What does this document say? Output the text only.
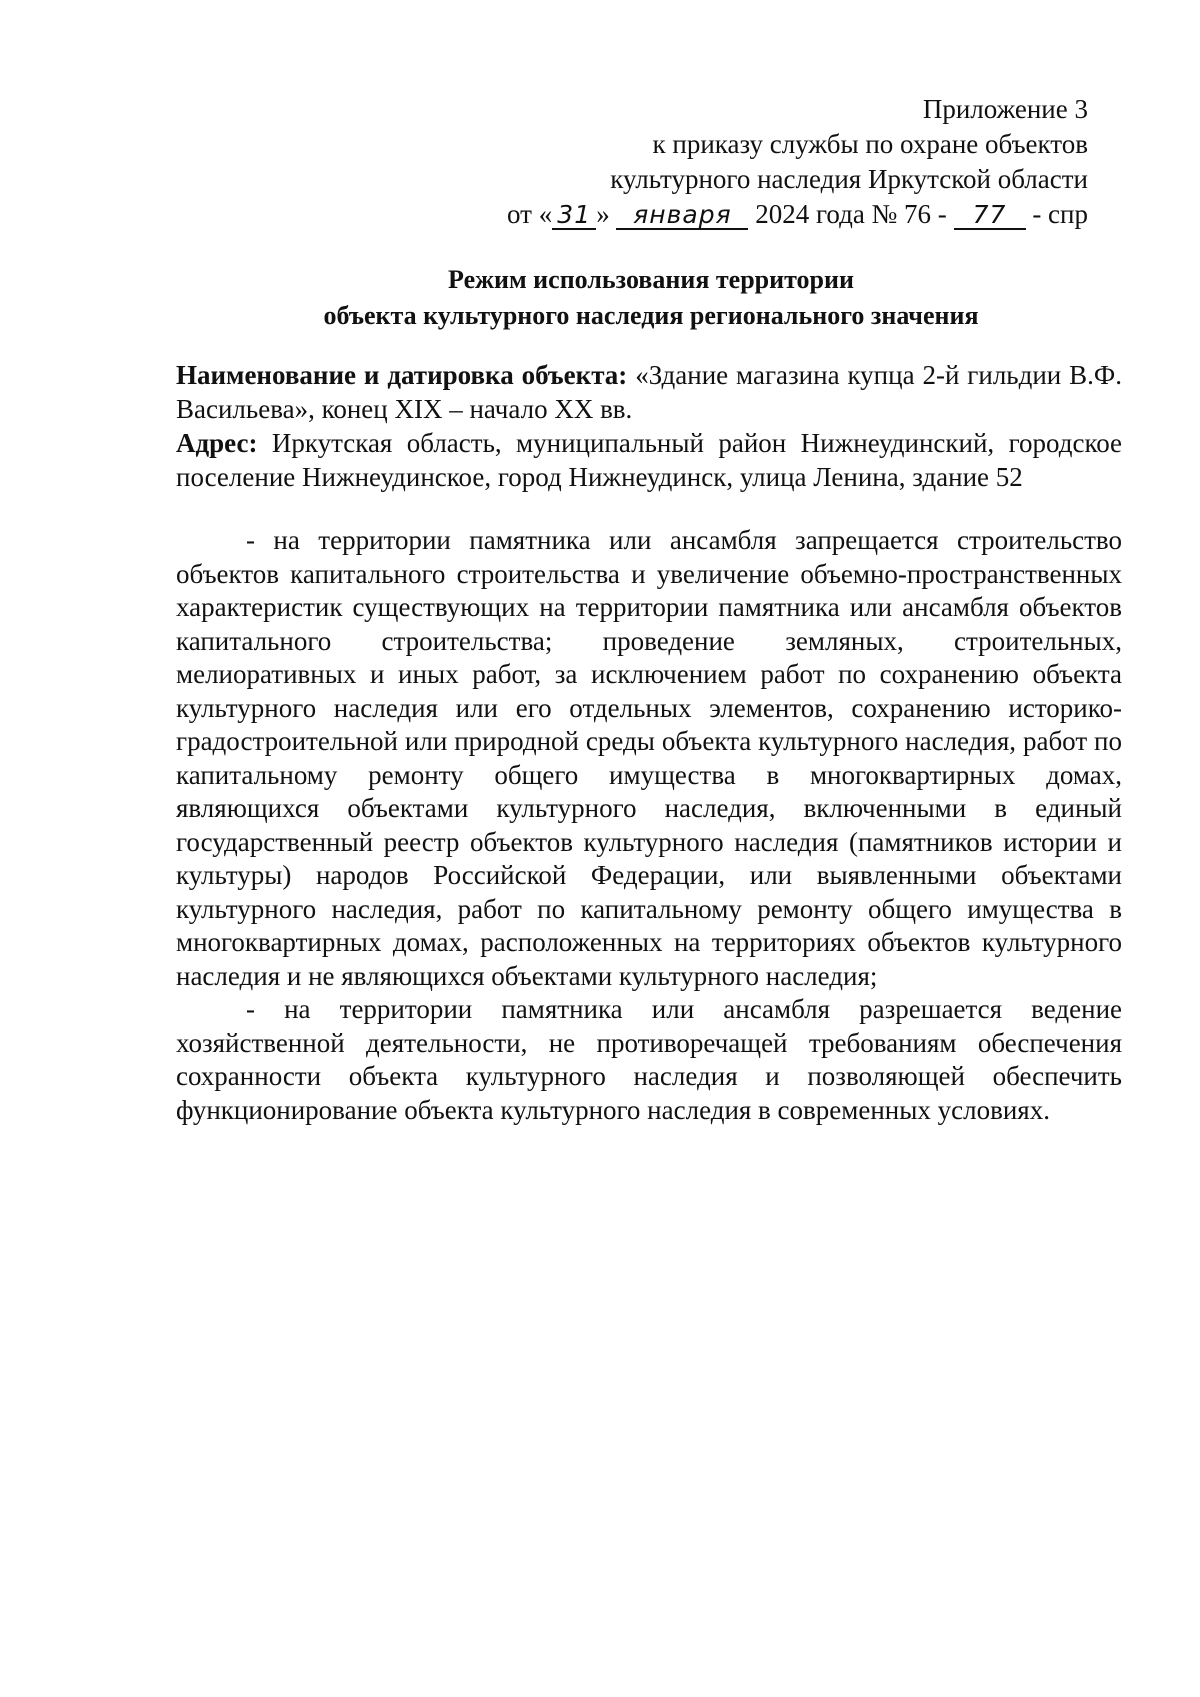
Приложение 3
к приказу службы по охране объектов
культурного наследия Иркутской области
от « 31 » января 2024 года № 76 - 77 - спр
Режим использования территории
объекта культурного наследия регионального значения

Наименование и датировка объекта: «Здание магазина купца 2-й гильдии В.Ф. Васильева», конец XIX – начало XX вв.

Адрес: Иркутская область, муниципальный район Нижнеудинский, городское поселение Нижнеудинское, город Нижнеудинск, улица Ленина, здание 52

- на территории памятника или ансамбля запрещается строительство объектов капитального строительства и увеличение объемно-пространственных характеристик существующих на территории памятника или ансамбля объектов капитального строительства; проведение земляных, строительных, мелиоративных и иных работ, за исключением работ по сохранению объекта культурного наследия или его отдельных элементов, сохранению историко-градостроительной или природной среды объекта культурного наследия, работ по капитальному ремонту общего имущества в многоквартирных домах, являющихся объектами культурного наследия, включенными в единый государственный реестр объектов культурного наследия (памятников истории и культуры) народов Российской Федерации, или выявленными объектами культурного наследия, работ по капитальному ремонту общего имущества в многоквартирных домах, расположенных на территориях объектов культурного наследия и не являющихся объектами культурного наследия;

- на территории памятника или ансамбля разрешается ведение хозяйственной деятельности, не противоречащей требованиям обеспечения сохранности объекта культурного наследия и позволяющей обеспечить функционирование объекта культурного наследия в современных условиях.
